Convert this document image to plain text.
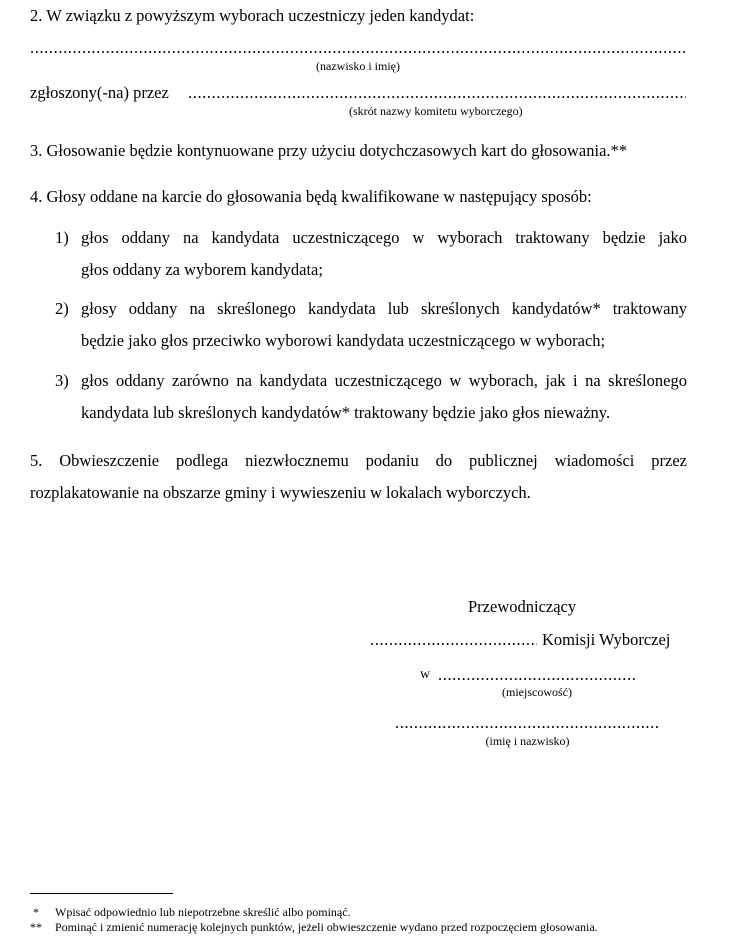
2. W związku z powyższym wyborach uczestniczy jeden kandydat:
.....
(nazwisko i imię)
zgłoszony(-na) przez
.....
(skrót nazwy komitetu wyborczego)
3. Głosowanie będzie kontynuowane przy użyciu dotychczasowych kart do głosowania.**
4. Głosy oddane na karcie do głosowania będą kwalifikowane w następujący sposób:
1) głos oddany na kandydata uczestniczącego w wyborach traktowany będzie jako
głos oddany za wyborem kandydata;
2) głosy oddany na skreślonego kandydata lub skreślonych kandydatów* traktowany
będzie jako głos przeciwko wyborowi kandydata uczestniczącego w wyborach;
3) głos oddany zarówno na kandydata uczestniczącego w wyborach, jak i na skreślonego
kandydata lub skreślonych kandydatów* traktowany będzie jako głos nieważny.
5. Obwieszczenie podlega niezwłocznemu podaniu do publicznej wiadomości przez
rozplakatowanie na obszarze gminy i wywieszeniu w lokalach wyborczych.
Przewodniczący
.....
Komisji Wyborczej
w
.....
(miejscowość)
.....
(imię i nazwisko)
* Wpisać odpowiednio lub niepotrzebne skreślić albo pominąć.
** Pominąć i zmienić numerację kolejnych punktów, jeżeli obwieszczenie wydano przed rozpoczęciem głosowania.
